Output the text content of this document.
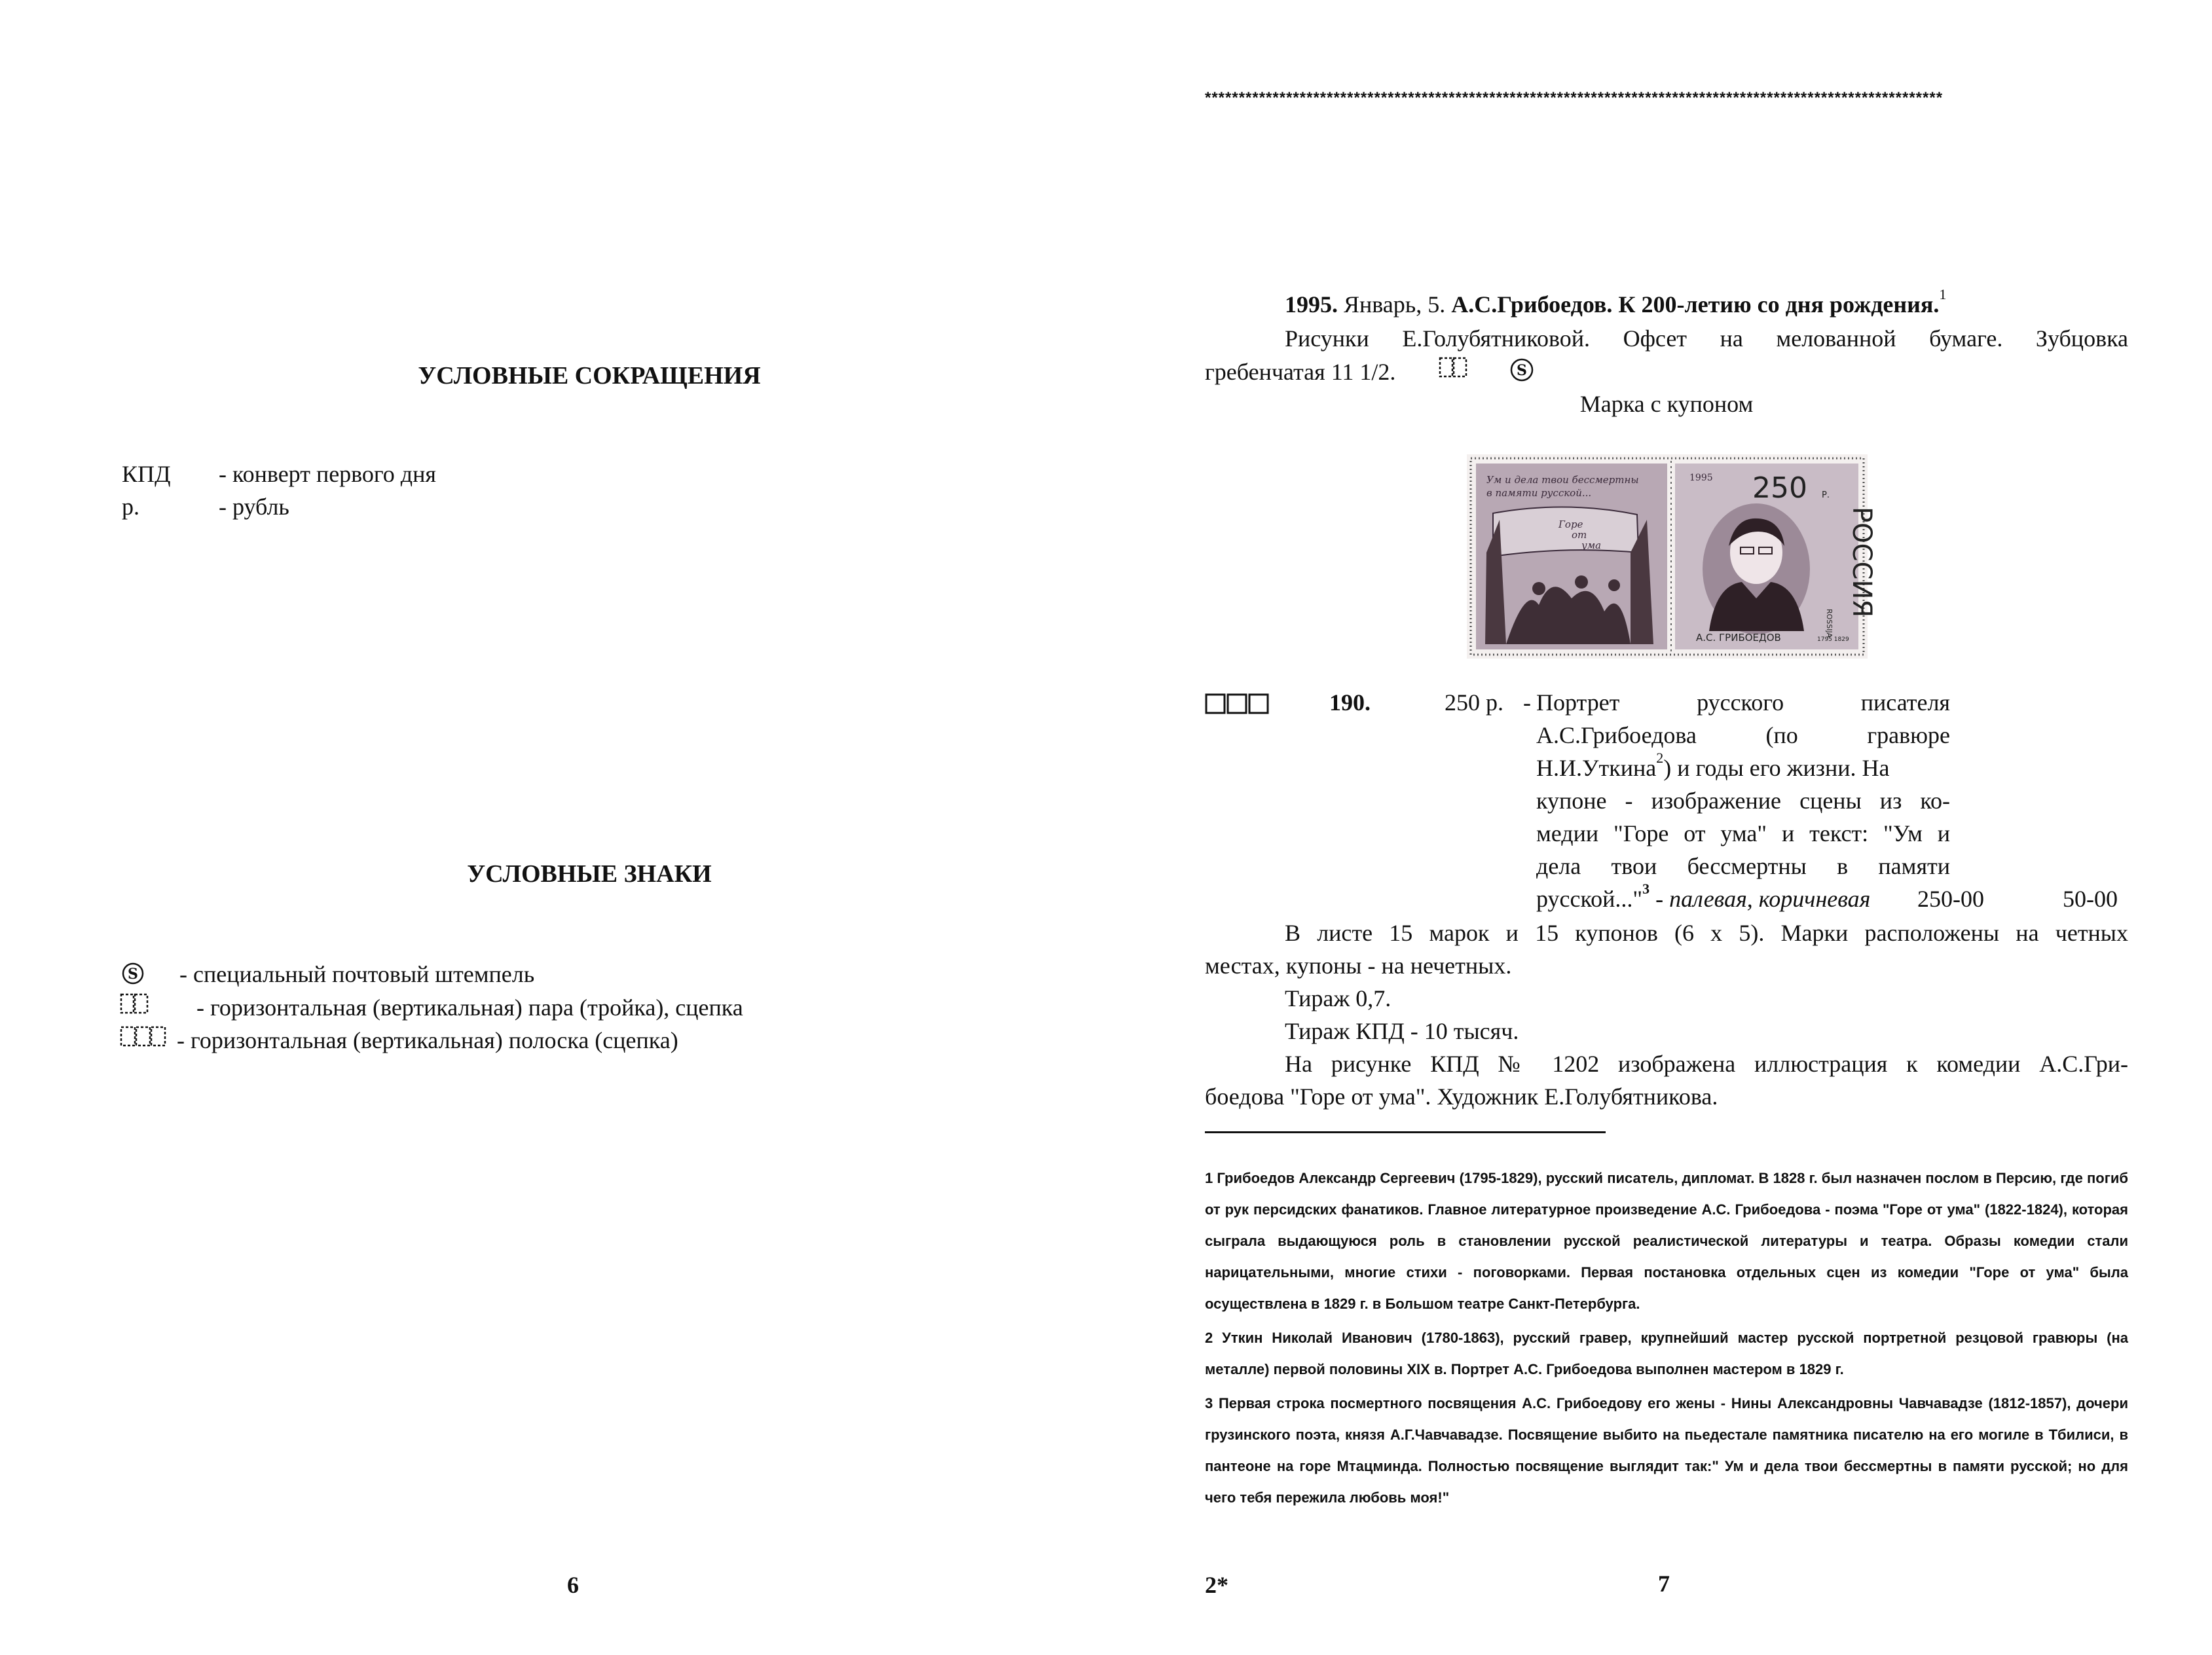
УСЛОВНЫЕ СОКРАЩЕНИЯ
КПД - конверт первого дня
р.	- рубль
УСЛОВНЫЕ ЗНАКИ
S - специальный почтовый штемпель
- горизонтальная (вертикальная) пара (тройка), сцепка
- горизонтальная (вертикальная) полоска (сцепка)
6
*************************************************************************************************************
1995. Январь, 5. А.С.Грибоедов. К 200-летию со дня рождения.$^1$
Рисунки Е.Голубятниковой. Офсет на мелованной бумаге. Зубцовка
гребенчатая 11 1/2.	S
Марка с купоном
Ум и дела твои бессмертны
в памяти русской...
Горе
от
ума
1995 250 Р.
РОССИЯ
ROSSIJA
А.С. ГРИБОЕДОВ	1795 1829
190.	250 р. - Портрет русского писателя
А.С.Грибоедова (по гравюре
Н.И.Уткина$^2$) и годы его жизни. На
купоне - изображение сцены из ко-
медии "Горе от ума" и текст: "Ум и
дела твои бессмертны в памяти
русской..."$^3$ - палевая, коричневая 250-00	50-00
В листе 15 марок и 15 купонов (6 х 5). Марки расположены на четных
местах, купоны - на нечетных.
Тираж 0,7.
Тираж КПД - 10 тысяч.
На рисунке КПД № 1202 изображена иллюстрация к комедии А.С.Гри-
боедова "Горе от ума". Художник Е.Голубятникова.
1 Грибоедов Александр Сергеевич (1795-1829), русский писатель, дипломат. В 1828 г. был назначен послом в Персию, где погиб от рук персидских фанатиков. Главное литературное произведение А.С. Грибоедова - поэма "Горе от ума" (1822-1824), которая сыграла выдающуюся роль в становлении русской реалистической литературы и театра. Образы комедии стали нарицательными, многие стихи - поговорками. Первая постановка отдельных сцен из комедии "Горе от ума" была осуществлена в 1829 г. в Большом театре Санкт-Петербурга.
2 Уткин Николай Иванович (1780-1863), русский гравер, крупнейший мастер русской портретной резцовой гравюры (на металле) первой половины XIX в. Портрет А.С. Грибоедова выполнен мастером в 1829 г.
3 Первая строка посмертного посвящения А.С. Грибоедову его жены - Нины Александровны Чавчавадзе (1812-1857), дочери грузинского поэта, князя А.Г.Чавчавадзе. Посвящение выбито на пьедестале памятника писателю на его могиле в Тбилиси, в пантеоне на горе Мтацминда. Полностью посвящение выглядит так:" Ум и дела твои бессмертны в памяти русской; но для чего тебя пережила любовь моя!"
2*	7
